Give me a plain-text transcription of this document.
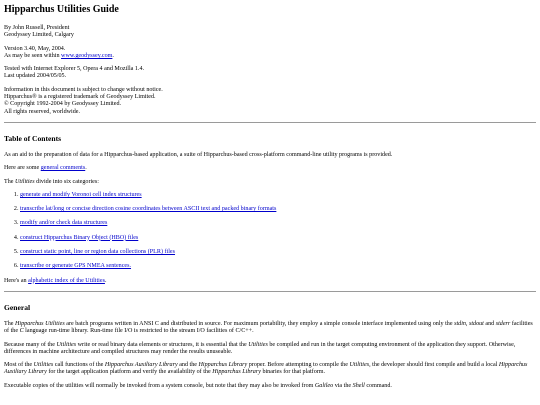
Hipparchus Utilities Guide
By John Russell, President
Geodyssey Limited, Calgary
Version 3.40, May, 2004.
As may be seen within www.geodyssey.com.
Tested with Internet Explorer 5, Opera 4 and Mozilla 1.4.
Last updated 2004/05/05.
Information in this document is subject to change without notice.
Hipparchus® is a registered trademark of Geodyssey Limited.
© Copyright 1992-2004 by Geodyssey Limited.
All rights reserved, worldwide.
Table of Contents

As an aid to the preparation of data for a Hipparchus-based application, a suite of Hipparchus-based cross-platform command-line utility programs is provided.

Here are some general comments.

The Utilities divide into six categories:

1. generate and modify Voronoi cell index structures
2. transcribe lat/long or concise direction cosine coordinates between ASCII text and packed binary formats
3. modify and/or check data structures
4. construct Hipparchus Binary Object (HBO) files
5. construct static point, line or region data collections (PLR) files
6. transcribe or generate GPS NMEA sentences.

Here's an alphabetic index of the Utilities.

General

The Hipparchus Utilities are batch programs written in ANSI C and distributed in source. For maximum portability, they employ a simple console interface implemented using only the stdin, stdout and stderr facilities of the C language run-time library. Run-time file I/O is restricted to the stream I/O facilities of C/C++.

Because many of the Utilities write or read binary data elements or structures, it is essential that the Utilities be compiled and run in the target computing environment of the application they support. Otherwise, differences in machine architecture and compiled structures may render the results unuseable.

Most of the Utilities call functions of the Hipparchus Auxiliary Library and the Hipparchus Library proper. Before attempting to compile the Utilities, the developer should first compile and build a local Hipparchus Auxiliary Library for the target application platform and verify the availability of the Hipparchus Library binaries for that platform.

Executable copies of the utilities will normally be invoked from a system console, but note that they may also be invoked from Galileo via the Shell command.
